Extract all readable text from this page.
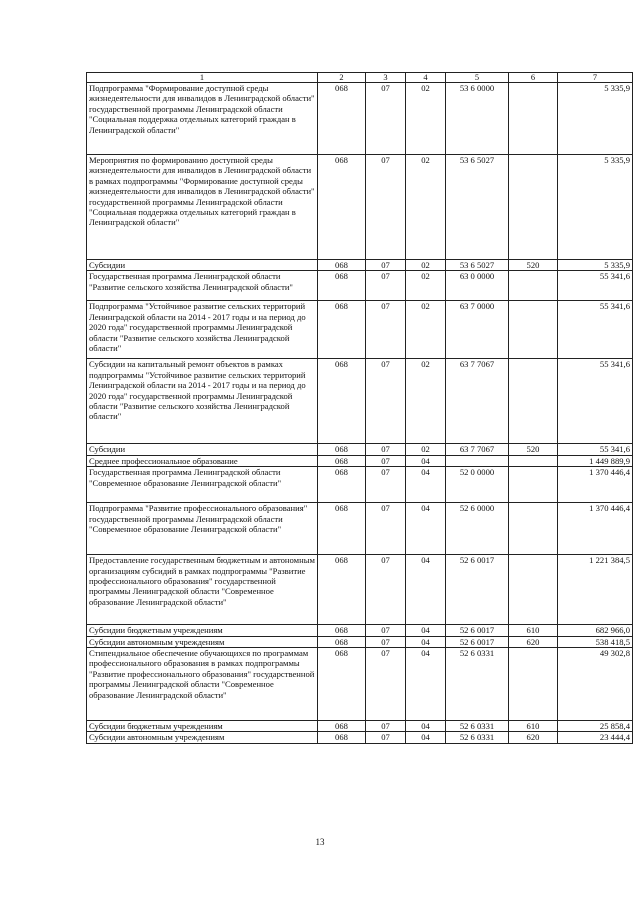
1	2	3	4	5	6	7
Подпрограмма "Формирование доступной среды жизнедеятельности для инвалидов в Ленинградской области" государственной программы Ленинградской области "Социальная поддержка отдельных категорий граждан в Ленинградской области"	068	07	02	53 6 0000		5 335,9
Мероприятия по формированию доступной среды жизнедеятельности для инвалидов в Ленинградской области в рамках подпрограммы "Формирование доступной среды жизнедеятельности для инвалидов в Ленинградской области" государственной программы Ленинградской области "Социальная поддержка отдельных категорий граждан в Ленинградской области"	068	07	02	53 6 5027		5 335,9
Субсидии	068	07	02	53 6 5027	520	5 335,9
Государственная программа Ленинградской области "Развитие сельского хозяйства Ленинградской области"	068	07	02	63 0 0000		55 341,6
Подпрограмма "Устойчивое развитие сельских территорий Ленинградской области на 2014 - 2017 годы и на период до 2020 года" государственной программы Ленинградской области "Развитие сельского хозяйства Ленинградской области"	068	07	02	63 7 0000		55 341,6
Субсидии на капитальный ремонт объектов в рамках подпрограммы "Устойчивое развитие сельских территорий Ленинградской области на 2014 - 2017 годы и на период до 2020 года" государственной программы Ленинградской области "Развитие сельского хозяйства Ленинградской области"	068	07	02	63 7 7067		55 341,6
Субсидии	068	07	02	63 7 7067	520	55 341,6
Среднее профессиональное образование	068	07	04			1 449 889,9
Государственная программа Ленинградской области "Современное образование Ленинградской области"	068	07	04	52 0 0000		1 370 446,4
Подпрограмма "Развитие профессионального образования" государственной программы Ленинградской области "Современное образование Ленинградской области"	068	07	04	52 6 0000		1 370 446,4
Предоставление государственным бюджетным и автономным организациям субсидий в рамках подпрограммы "Развитие профессионального образования" государственной программы Ленинградской области "Современное образование Ленинградской области"	068	07	04	52 6 0017		1 221 384,5
Субсидии бюджетным учреждениям	068	07	04	52 6 0017	610	682 966,0
Субсидии автономным учреждениям	068	07	04	52 6 0017	620	538 418,5
Стипендиальное обеспечение обучающихся по программам профессионального образования в рамках подпрограммы "Развитие профессионального образования" государственной программы Ленинградской области "Современное образование Ленинградской области"	068	07	04	52 6 0331		49 302,8
Субсидии бюджетным учреждениям	068	07	04	52 6 0331	610	25 858,4
Субсидии автономным учреждениям	068	07	04	52 6 0331	620	23 444,4
13
